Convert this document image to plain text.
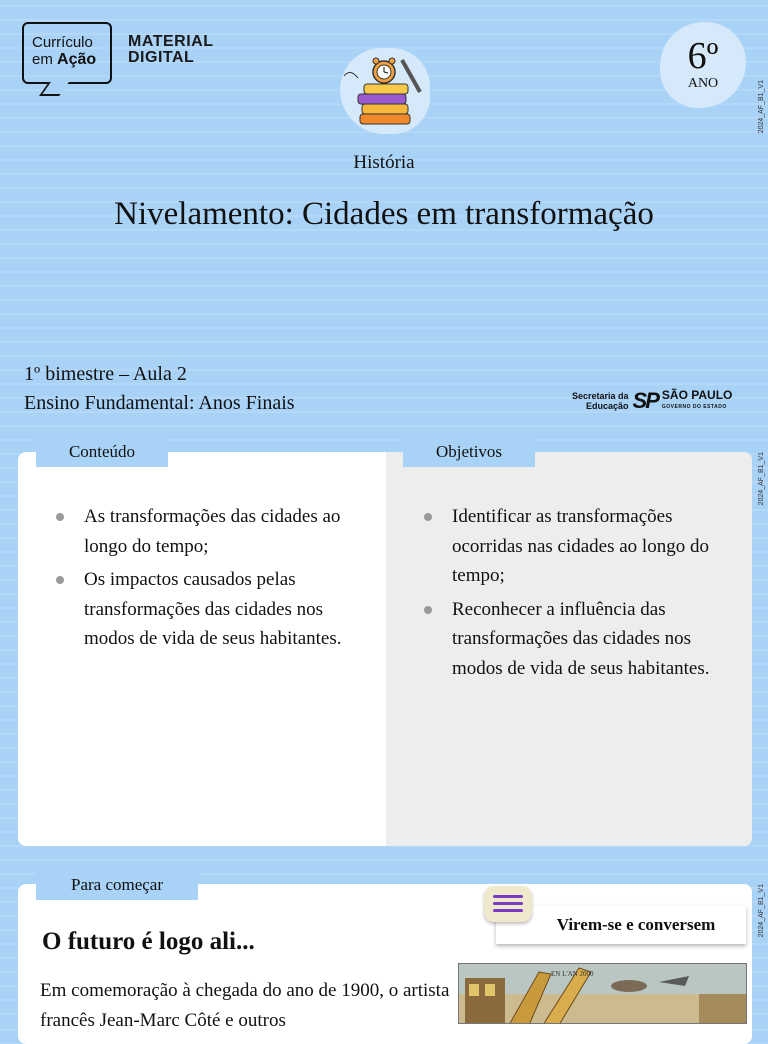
Currículo
em Ação
MATERIAL
DIGITAL	6º
ANO	2024_AF_B1_V1
2024_AF_B1_V1
2024_AF_B1_V1
História
Nivelamento: Cidades em transformação
1º bimestre – Aula 2
Ensino Fundamental: Anos Finais	Secretaria da
Educação SP SÃO PAULO
GOVERNO DO ESTADO
Conteúdo	Objetivos
As transformações das cidades ao longo do tempo;
Os impactos causados pelas transformações das cidades nos modos de vida de seus habitantes.
Identificar as transformações ocorridas nas cidades ao longo do tempo;
Reconhecer a influência das transformações das cidades nos modos de vida de seus habitantes.
Para começar
O futuro é logo ali...
Em comemoração à chegada do ano de 1900, o artista francês Jean-Marc Côté e outros
Virem-se e conversem
EN L'AN 2000
